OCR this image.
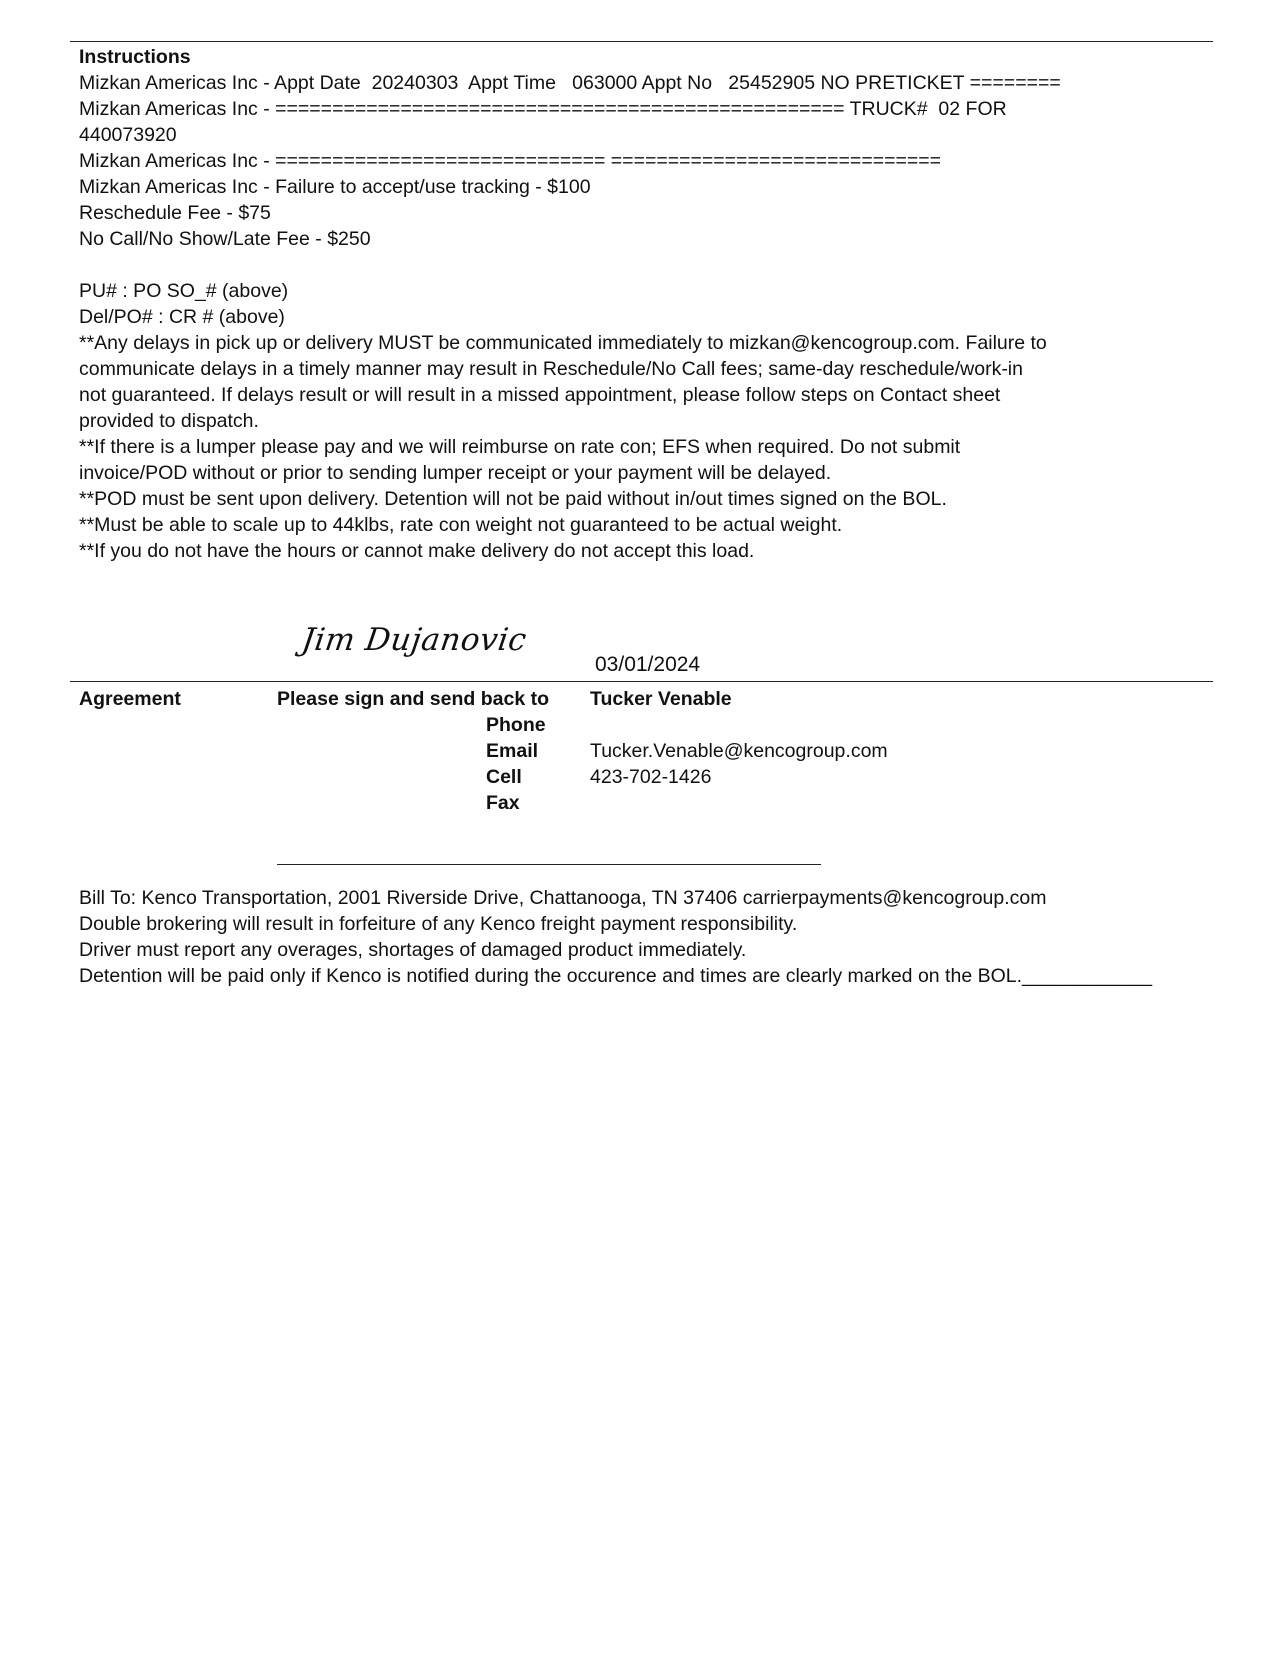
Instructions
Mizkan Americas Inc - Appt Date  20240303  Appt Time   063000 Appt No   25452905 NO PRETICKET ========
Mizkan Americas Inc - ================================================== TRUCK#  02 FOR
440073920
Mizkan Americas Inc - ============================= =============================
Mizkan Americas Inc - Failure to accept/use tracking - $100
Reschedule Fee - $75
No Call/No Show/Late Fee - $250
PU# : PO SO_# (above)
Del/PO# : CR # (above)
**Any delays in pick up or delivery MUST be communicated immediately to mizkan@kencogroup.com. Failure to
communicate delays in a timely manner may result in Reschedule/No Call fees; same-day reschedule/work-in
not guaranteed. If delays result or will result in a missed appointment, please follow steps on Contact sheet
provided to dispatch.
**If there is a lumper please pay and we will reimburse on rate con; EFS when required. Do not submit
invoice/POD without or prior to sending lumper receipt or your payment will be delayed.
**POD must be sent upon delivery. Detention will not be paid without in/out times signed on the BOL.
**Must be able to scale up to 44klbs, rate con weight not guaranteed to be actual weight.
**If you do not have the hours or cannot make delivery do not accept this load.
Jim Dujanovic
03/01/2024
Agreement	Please sign and send back to Tucker Venable
Phone
Email	Tucker.Venable@kencogroup.com
Cell	423-702-1426
Fax
Bill To: Kenco Transportation, 2001 Riverside Drive, Chattanooga, TN 37406 carrierpayments@kencogroup.com
Double brokering will result in forfeiture of any Kenco freight payment responsibility.
Driver must report any overages, shortages of damaged product immediately.
Detention will be paid only if Kenco is notified during the occurence and times are clearly marked on the BOL.____________
